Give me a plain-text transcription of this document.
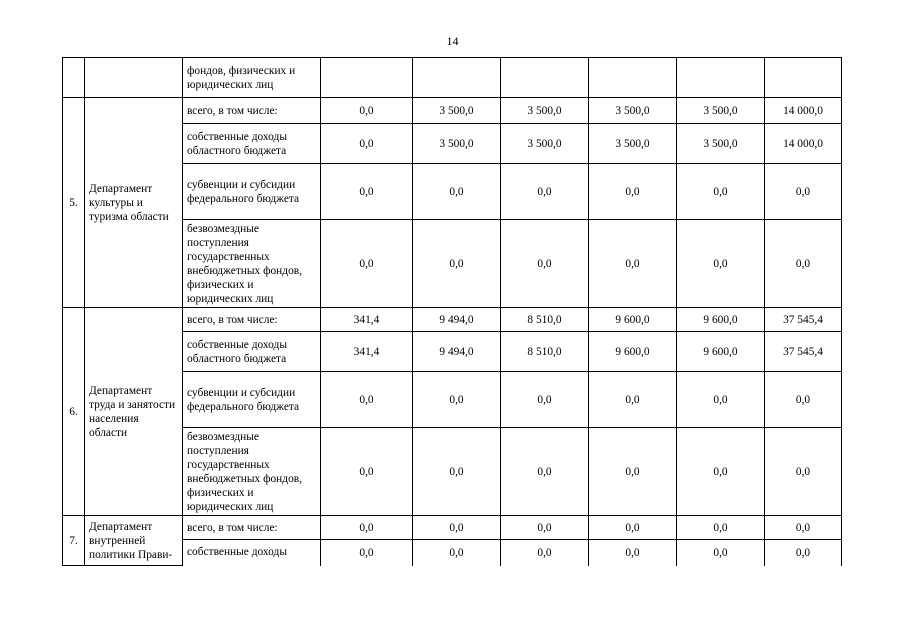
14
		фондов, физических и юридических лиц						
5.	Департамент культуры и туризма области	всего, в том числе:	0,0	3 500,0	3 500,0	3 500,0	3 500,0	14 000,0
		собственные доходы областного бюджета	0,0	3 500,0	3 500,0	3 500,0	3 500,0	14 000,0
		субвенции и субсидии федерального бюджета	0,0	0,0	0,0	0,0	0,0	0,0
		безвозмездные поступления государственных внебюджетных фондов, физических и юридических лиц	0,0	0,0	0,0	0,0	0,0	0,0
6.	Департамент труда и занятости населения области	всего, в том числе:	341,4	9 494,0	8 510,0	9 600,0	9 600,0	37 545,4
		собственные доходы областного бюджета	341,4	9 494,0	8 510,0	9 600,0	9 600,0	37 545,4
		субвенции и субсидии федерального бюджета	0,0	0,0	0,0	0,0	0,0	0,0
		безвозмездные поступления государственных внебюджетных фондов, физических и юридических лиц	0,0	0,0	0,0	0,0	0,0	0,0
7.	Департамент внутренней политики Прави-	всего, в том числе:	0,0	0,0	0,0	0,0	0,0	0,0
		собственные доходы	0,0	0,0	0,0	0,0	0,0	0,0
